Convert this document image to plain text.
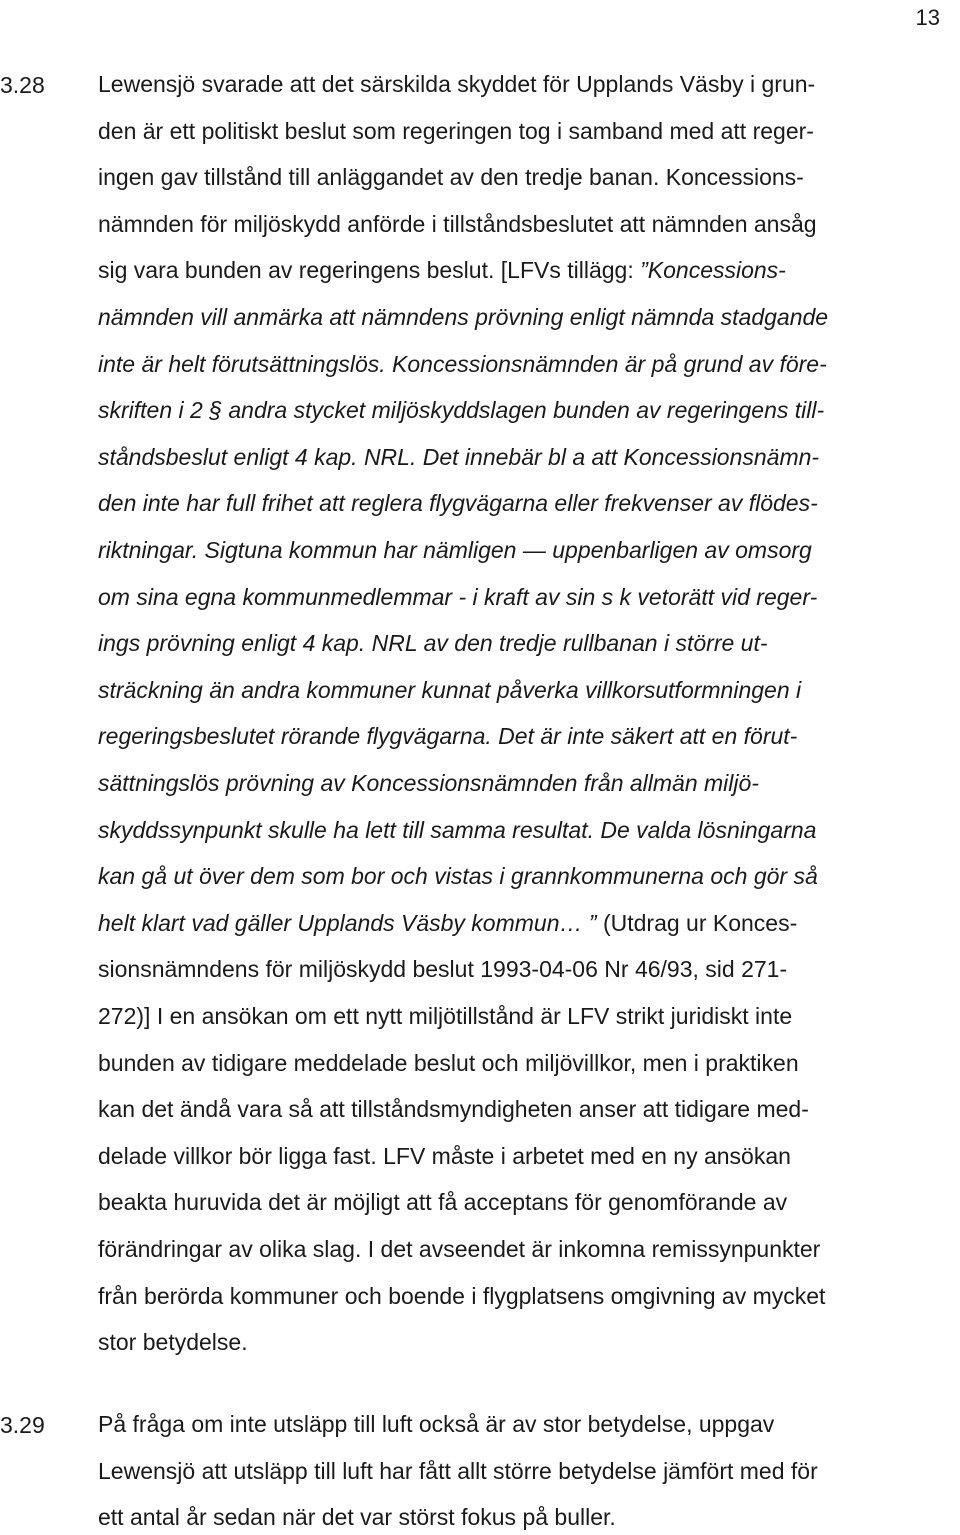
13
3.28 Lewensjö svarade att det särskilda skyddet för Upplands Väsby i grun-
den är ett politiskt beslut som regeringen tog i samband med att reger-
ingen gav tillstånd till anläggandet av den tredje banan. Koncessions-
nämnden för miljöskydd anförde i tillståndsbeslutet att nämnden ansåg
sig vara bunden av regeringens beslut. [LFVs tillägg: ”Koncessions-
nämnden vill anmärka att nämndens prövning enligt nämnda stadgande
inte är helt förutsättningslös. Koncessionsnämnden är på grund av före-
skriften i 2 § andra stycket miljöskyddslagen bunden av regeringens till-
ståndsbeslut enligt 4 kap. NRL. Det innebär bl a att Koncessionsnämn-
den inte har full frihet att reglera flygvägarna eller frekvenser av flödes-
riktningar. Sigtuna kommun har nämligen — uppenbarligen av omsorg
om sina egna kommunmedlemmar - i kraft av sin s k vetorätt vid reger-
ings prövning enligt 4 kap. NRL av den tredje rullbanan i större ut-
sträckning än andra kommuner kunnat påverka villkorsutformningen i
regeringsbeslutet rörande flygvägarna. Det är inte säkert att en förut-
sättningslös prövning av Koncessionsnämnden från allmän miljö-
skyddssynpunkt skulle ha lett till samma resultat. De valda lösningarna
kan gå ut över dem som bor och vistas i grannkommunerna och gör så
helt klart vad gäller Upplands Väsby kommun… ” (Utdrag ur Konces-
sionsnämndens för miljöskydd beslut 1993-04-06 Nr 46/93, sid 271-
272)] I en ansökan om ett nytt miljötillstånd är LFV strikt juridiskt inte
bunden av tidigare meddelade beslut och miljövillkor, men i praktiken
kan det ändå vara så att tillståndsmyndigheten anser att tidigare med-
delade villkor bör ligga fast. LFV måste i arbetet med en ny ansökan
beakta huruvida det är möjligt att få acceptans för genomförande av
förändringar av olika slag. I det avseendet är inkomna remissynpunkter
från berörda kommuner och boende i flygplatsens omgivning av mycket
stor betydelse.
3.29 På fråga om inte utsläpp till luft också är av stor betydelse, uppgav
Lewensjö att utsläpp till luft har fått allt större betydelse jämfört med för
ett antal år sedan när det var störst fokus på buller.
